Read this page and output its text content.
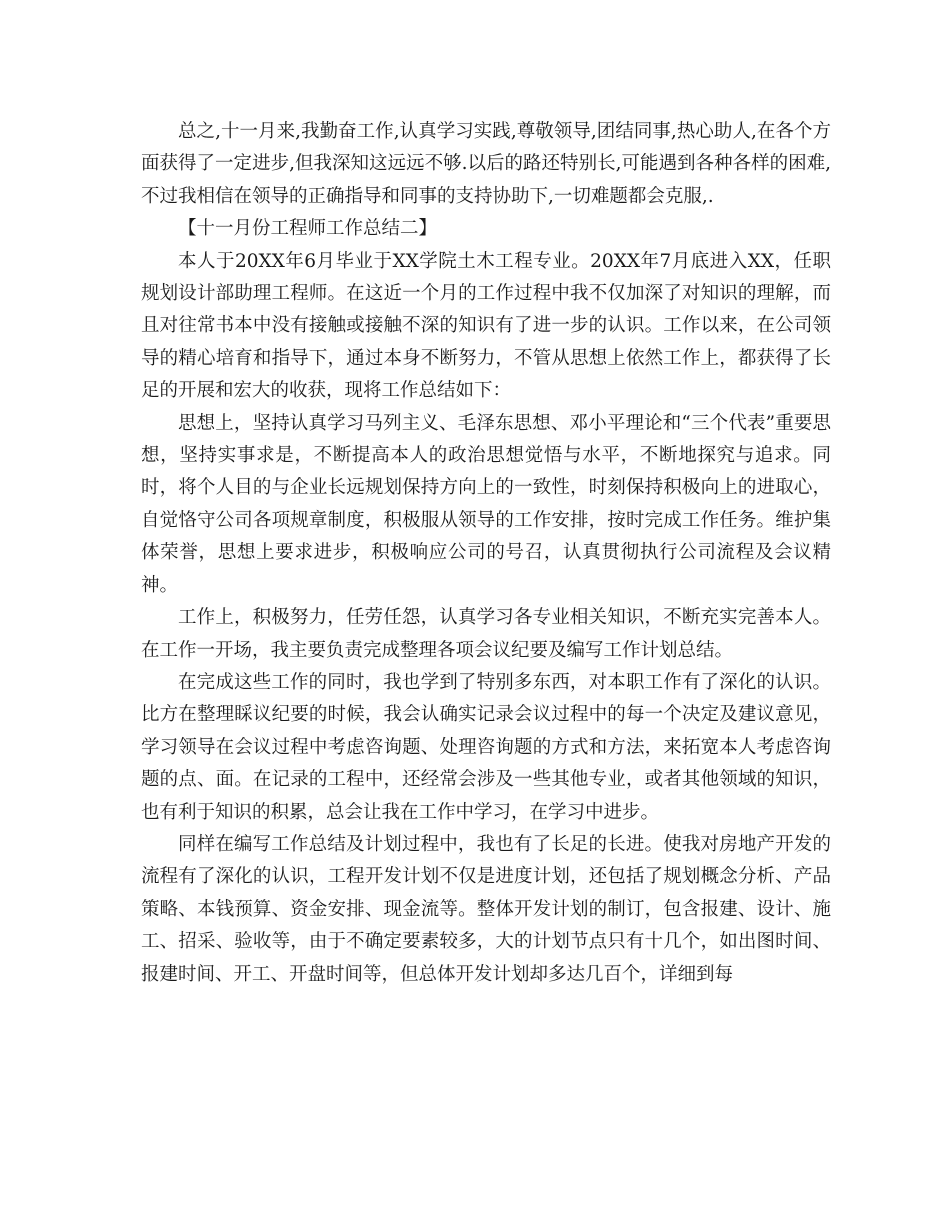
总之,十一月来,我勤奋工作,认真学习实践,尊敬领导,团结同事,热心助人,在各个方面获得了一定进步,但我深知这远远不够.以后的路还特别长,可能遇到各种各样的困难,不过我相信在领导的正确指导和同事的支持协助下,一切难题都会克服,.

【十一月份工程师工作总结二】

本人于20XX年6月毕业于XX学院土木工程专业。20XX年7月底进入XX，任职规划设计部助理工程师。在这近一个月的工作过程中我不仅加深了对知识的理解，而且对往常书本中没有接触或接触不深的知识有了进一步的认识。工作以来，在公司领导的精心培育和指导下，通过本身不断努力，不管从思想上依然工作上，都获得了长足的开展和宏大的收获，现将工作总结如下：

思想上，坚持认真学习马列主义、毛泽东思想、邓小平理论和“三个代表”重要思想，坚持实事求是，不断提高本人的政治思想觉悟与水平，不断地探究与追求。同时，将个人目的与企业长远规划保持方向上的一致性，时刻保持积极向上的进取心，自觉恪守公司各项规章制度，积极服从领导的工作安排，按时完成工作任务。维护集体荣誉，思想上要求进步，积极响应公司的号召，认真贯彻执行公司流程及会议精神。

工作上，积极努力，任劳任怨，认真学习各专业相关知识，不断充实完善本人。在工作一开场，我主要负责完成整理各项会议纪要及编写工作计划总结。

在完成这些工作的同时，我也学到了特别多东西，对本职工作有了深化的认识。比方在整理睬议纪要的时候，我会认确实记录会议过程中的每一个决定及建议意见，学习领导在会议过程中考虑咨询题、处理咨询题的方式和方法，来拓宽本人考虑咨询题的点、面。在记录的工程中，还经常会涉及一些其他专业，或者其他领域的知识，也有利于知识的积累，总会让我在工作中学习，在学习中进步。

同样在编写工作总结及计划过程中，我也有了长足的长进。使我对房地产开发的流程有了深化的认识，工程开发计划不仅是进度计划，还包括了规划概念分析、产品策略、本钱预算、资金安排、现金流等。整体开发计划的制订，包含报建、设计、施工、招采、验收等，由于不确定要素较多，大的计划节点只有十几个，如出图时间、报建时间、开工、开盘时间等，但总体开发计划却多达几百个，详细到每
